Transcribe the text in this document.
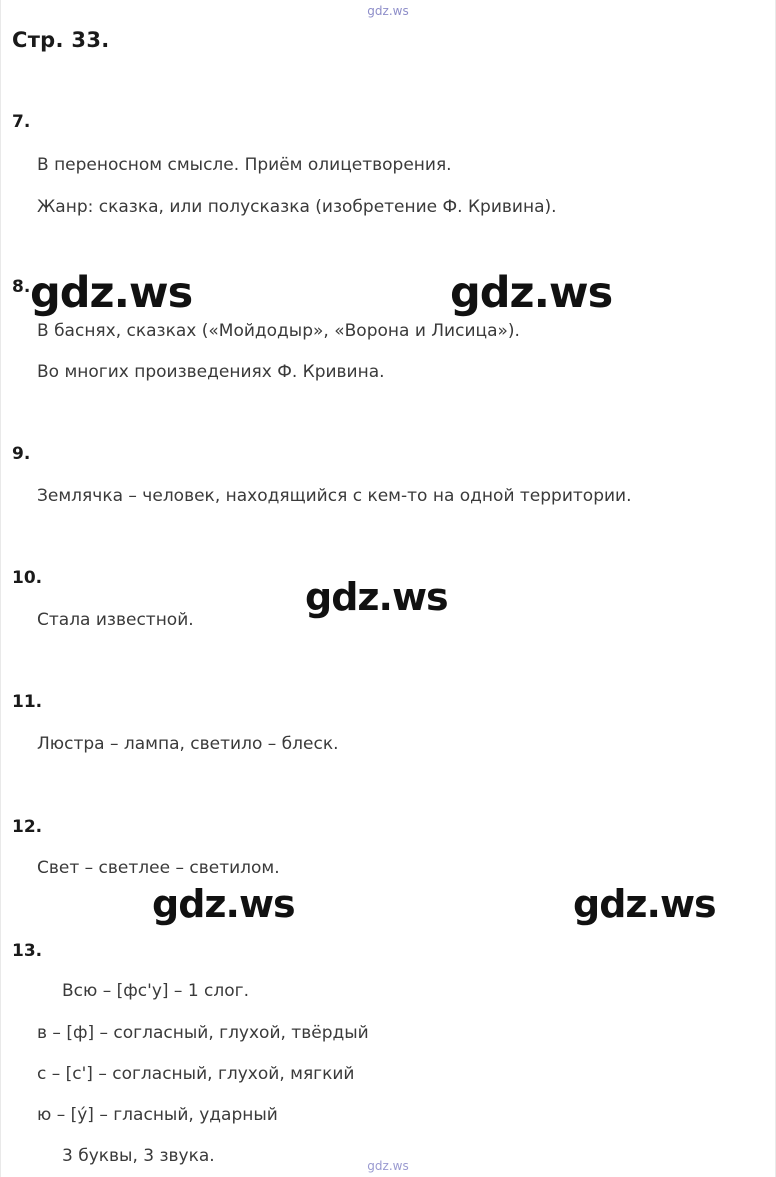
gdz.ws
Стр. 33.
7.
В переносном смысле. Приём олицетворения.
Жанр: сказка, или полусказка (изобретение Ф. Кривина).
8.
В баснях, сказках («Мойдодыр», «Ворона и Лисица»).
Во многих произведениях Ф. Кривина.
9.
Землячка – человек, находящийся с кем-то на одной территории.
10.
Стала известной.
11.
Люстра – лампа, светило – блеск.
12.
Свет – светлее – светилом.
13.
Всю – [фс'у] – 1 слог.
в – [ф] – согласный, глухой, твёрдый
с – [с'] – согласный, глухой, мягкий
ю – [у́] – гласный, ударный
3 буквы, 3 звука.	gdz.ws
gdz.ws	gdz.ws
gdz.ws
gdz.ws	gdz.ws
